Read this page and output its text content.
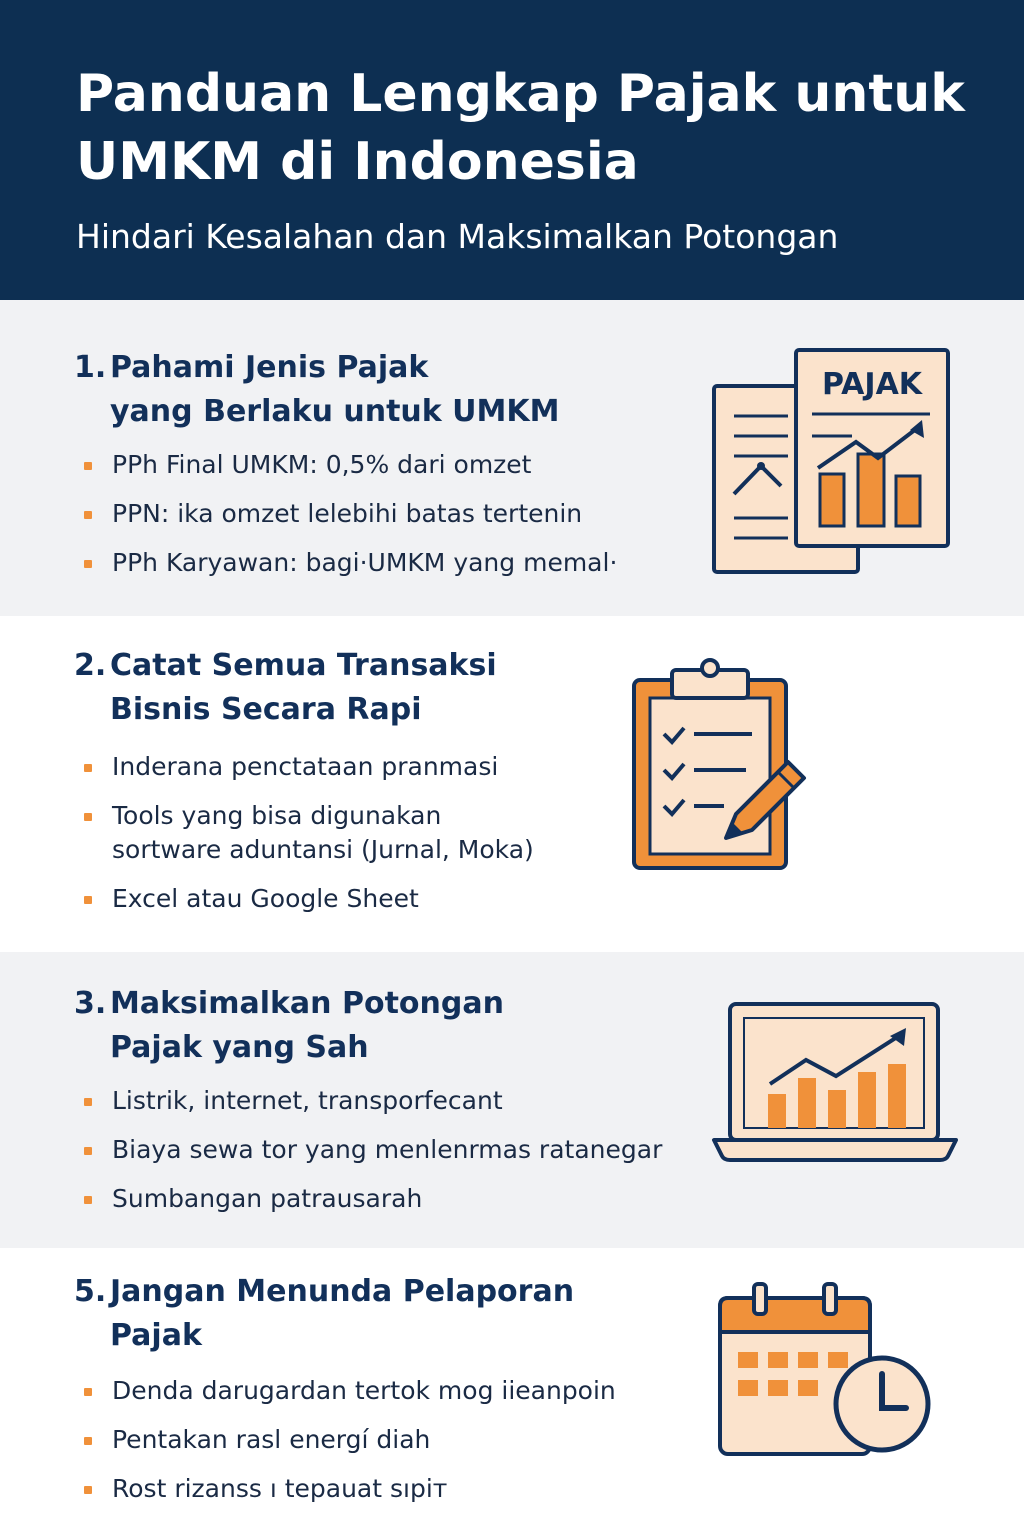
Panduan Lengkap Pajak untuk
UMKM di Indonesia
Hindari Kesalahan dan Maksimalkan Potongan
1. Pahami Jenis Pajak
yang Berlaku untuk UMKM
PPh Final UMKM: 0,5% dari omzet
PPN: ika omzet lelebihi batas tertenin
PPh Karyawan: bagi·UMKM yang memal·
PAJAK
2. Catat Semua Transaksi
Bisnis Secara Rapi
Inderana penctataan pranmasi
Tools yang bisa digunakan
sortware aduntansi (Jurnal, Moka)
Excel atau Google Sheet
3. Maksimalkan Potongan
Pajak yang Sah
Listrik, internet, transporfecant
Biaya sewa tor yang menlenrmas ratanegar
Sumbangan patrausarah
5. Jangan Menunda Pelaporan
Pajak
Denda darugardan tertok mog iieanpoin
Pentakan rasl energí diah
Rost rizanss ı tepauat sıpiт
